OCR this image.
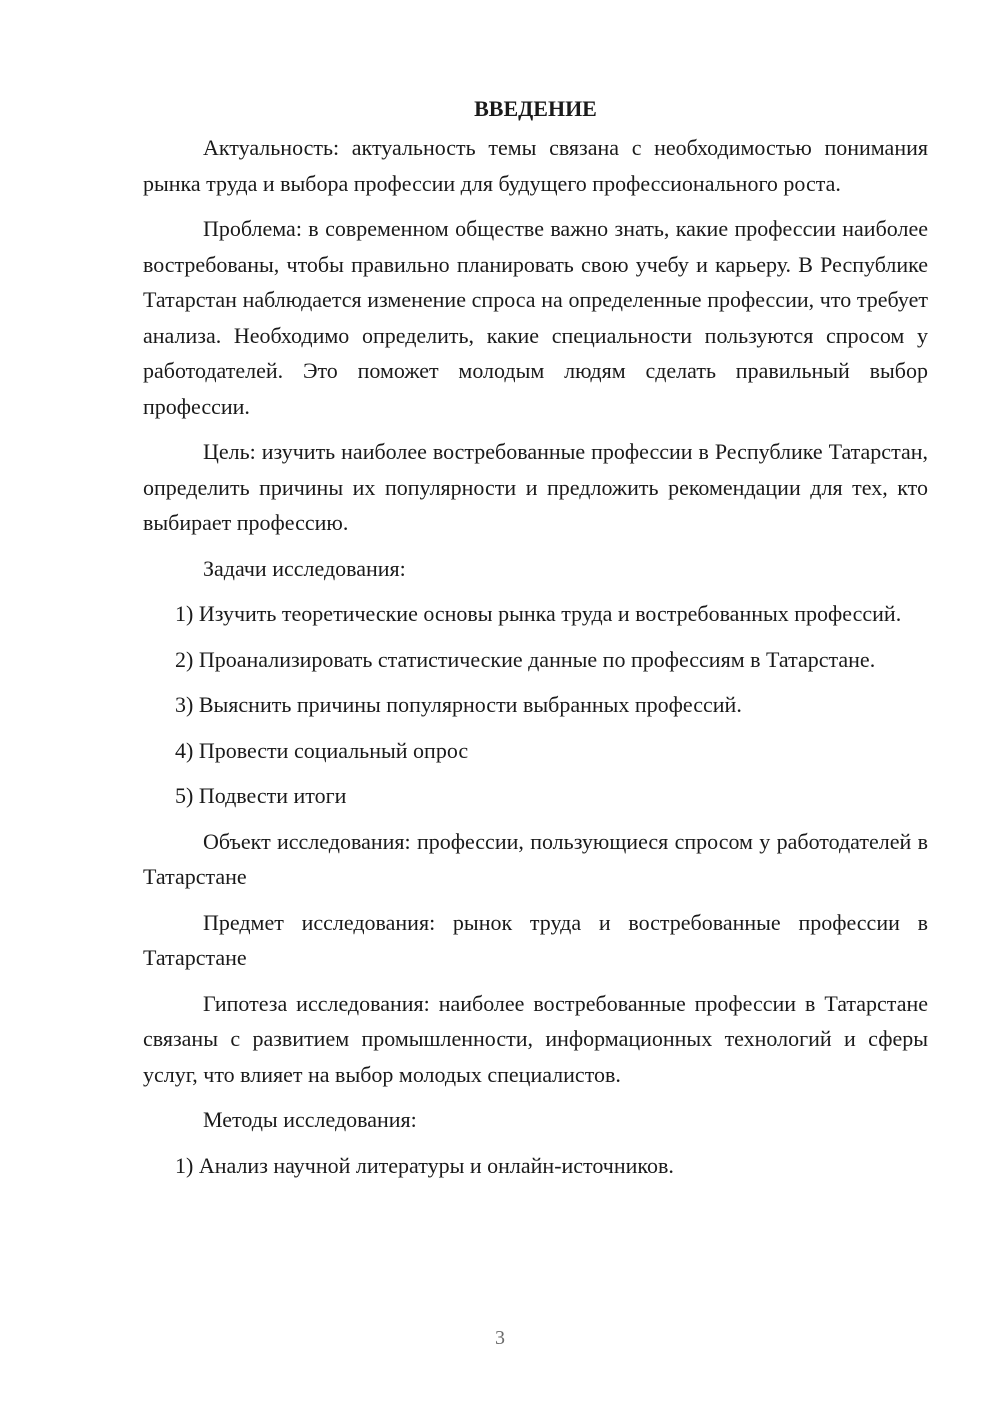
ВВЕДЕНИЕ
Актуальность: актуальность темы связана с необходимостью понимания рынка труда и выбора профессии для будущего профессионального роста.
Проблема: в современном обществе важно знать, какие профессии наиболее востребованы, чтобы правильно планировать свою учебу и карьеру. В Республике Татарстан наблюдается изменение спроса на определенные профессии, что требует анализа. Необходимо определить, какие специальности пользуются спросом у работодателей. Это поможет молодым людям сделать правильный выбор профессии.
Цель: изучить наиболее востребованные профессии в Республике Татарстан, определить причины их популярности и предложить рекомендации для тех, кто выбирает профессию.
Задачи исследования:
1) Изучить теоретические основы рынка труда и востребованных профессий.
2) Проанализировать статистические данные по профессиям в Татарстане.
3) Выяснить причины популярности выбранных профессий.
4) Провести социальный опрос
5) Подвести итоги
Объект исследования: профессии, пользующиеся спросом у работодателей в Татарстане
Предмет исследования: рынок труда и востребованные профессии в Татарстане
Гипотеза исследования: наиболее востребованные профессии в Татарстане связаны с развитием промышленности, информационных технологий и сферы услуг, что влияет на выбор молодых специалистов.
Методы исследования:
1) Анализ научной литературы и онлайн-источников.
3
